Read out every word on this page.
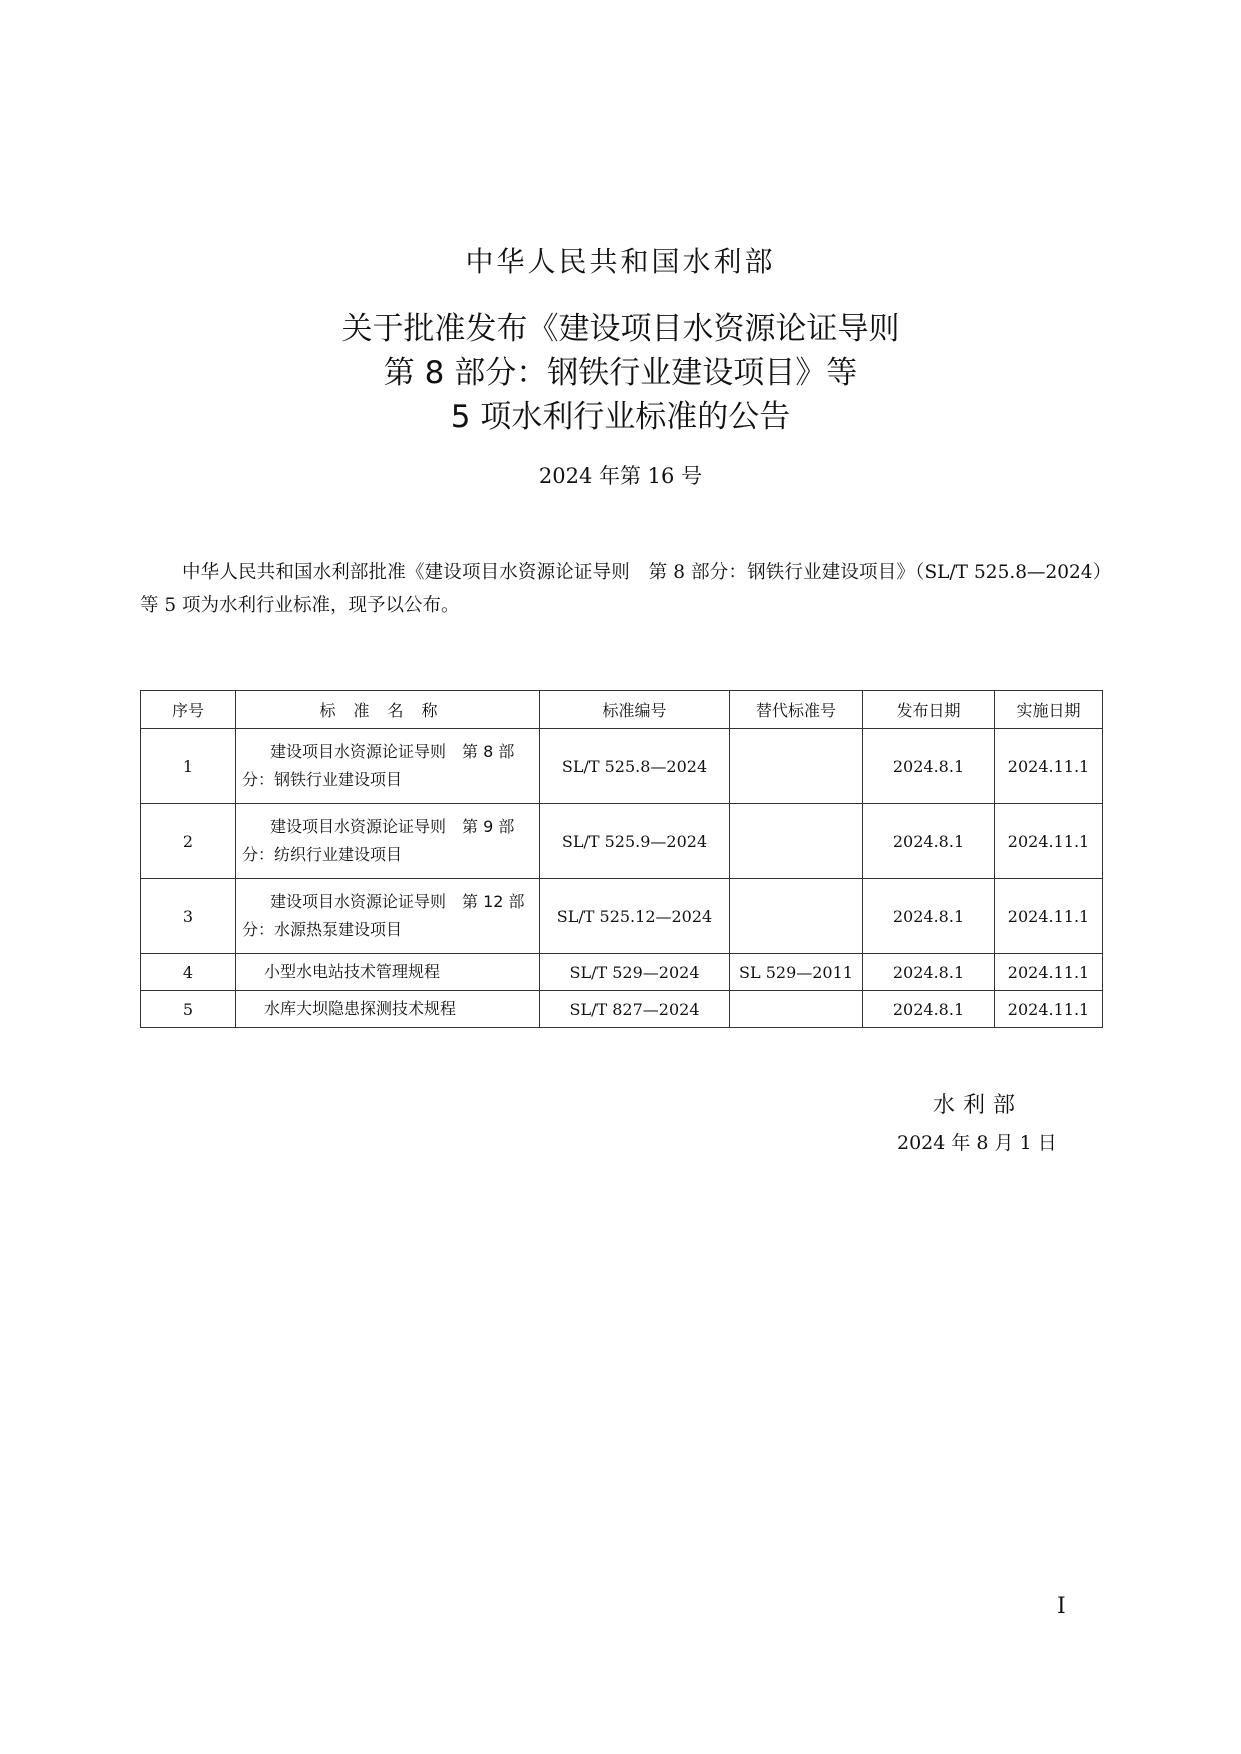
中华人民共和国水利部
关于批准发布《建设项目水资源论证导则
第 8 部分：钢铁行业建设项目》等
5 项水利行业标准的公告
2024 年第 16 号
中华人民共和国水利部批准《建设项目水资源论证导则　第 8 部分：钢铁行业建设项目》（SL/T 525.8—2024）等 5 项为水利行业标准，现予以公布。
序号	标准名称	标准编号	替代标准号	发布日期	实施日期
1	建设项目水资源论证导则　第 8 部分：钢铁行业建设项目	SL/T 525.8—2024		2024.8.1	2024.11.1
2	建设项目水资源论证导则　第 9 部分：纺织行业建设项目	SL/T 525.9—2024		2024.8.1	2024.11.1
3	建设项目水资源论证导则　第 12 部分：水源热泵建设项目	SL/T 525.12—2024		2024.8.1	2024.11.1
4	小型水电站技术管理规程	SL/T 529—2024	SL 529—2011	2024.8.1	2024.11.1
5	水库大坝隐患探测技术规程	SL/T 827—2024		2024.8.1	2024.11.1
水利部
2024 年 8 月 1 日
I
